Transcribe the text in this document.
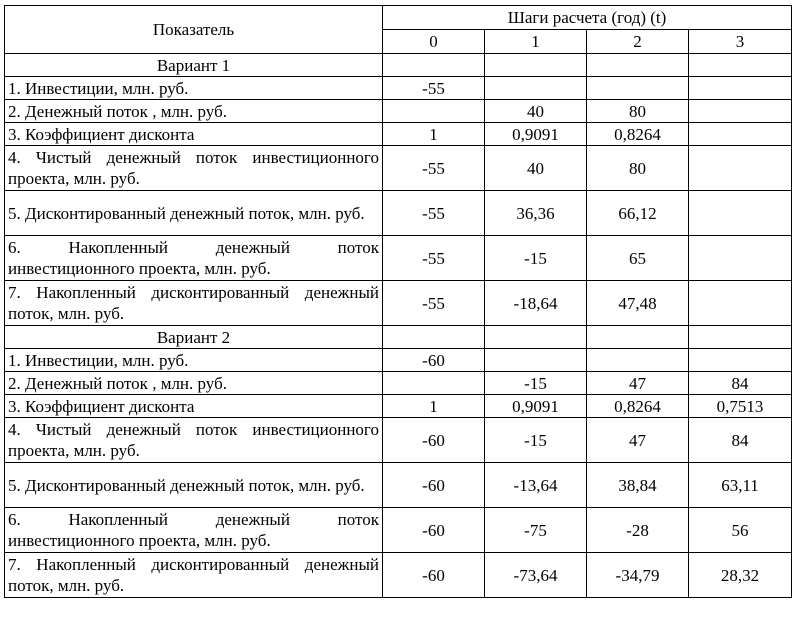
Показатель	Шаги расчета (год) (t)			
	0	1	2	3
Вариант 1				
1. Инвестиции, млн. руб.	-55			
2. Денежный поток , млн. руб.		40	80	
3. Коэффициент дисконта	1	0,9091	0,8264	
4. Чистый денежный поток инвестиционного проекта, млн. руб.	-55	40	80	
5. Дисконтированный денежный поток, млн. руб.	-55	36,36	66,12	
6. Накопленный денежный поток инвестиционного проекта, млн. руб.	-55	-15	65	
7. Накопленный дисконтированный денежный поток, млн. руб.	-55	-18,64	47,48	
Вариант 2				
1. Инвестиции, млн. руб.	-60			
2. Денежный поток , млн. руб.		-15	47	84
3. Коэффициент дисконта	1	0,9091	0,8264	0,7513
4. Чистый денежный поток инвестиционного проекта, млн. руб.	-60	-15	47	84
5. Дисконтированный денежный поток, млн. руб.	-60	-13,64	38,84	63,11
6. Накопленный денежный поток инвестиционного проекта, млн. руб.	-60	-75	-28	56
7. Накопленный дисконтированный денежный поток, млн. руб.	-60	-73,64	-34,79	28,32
